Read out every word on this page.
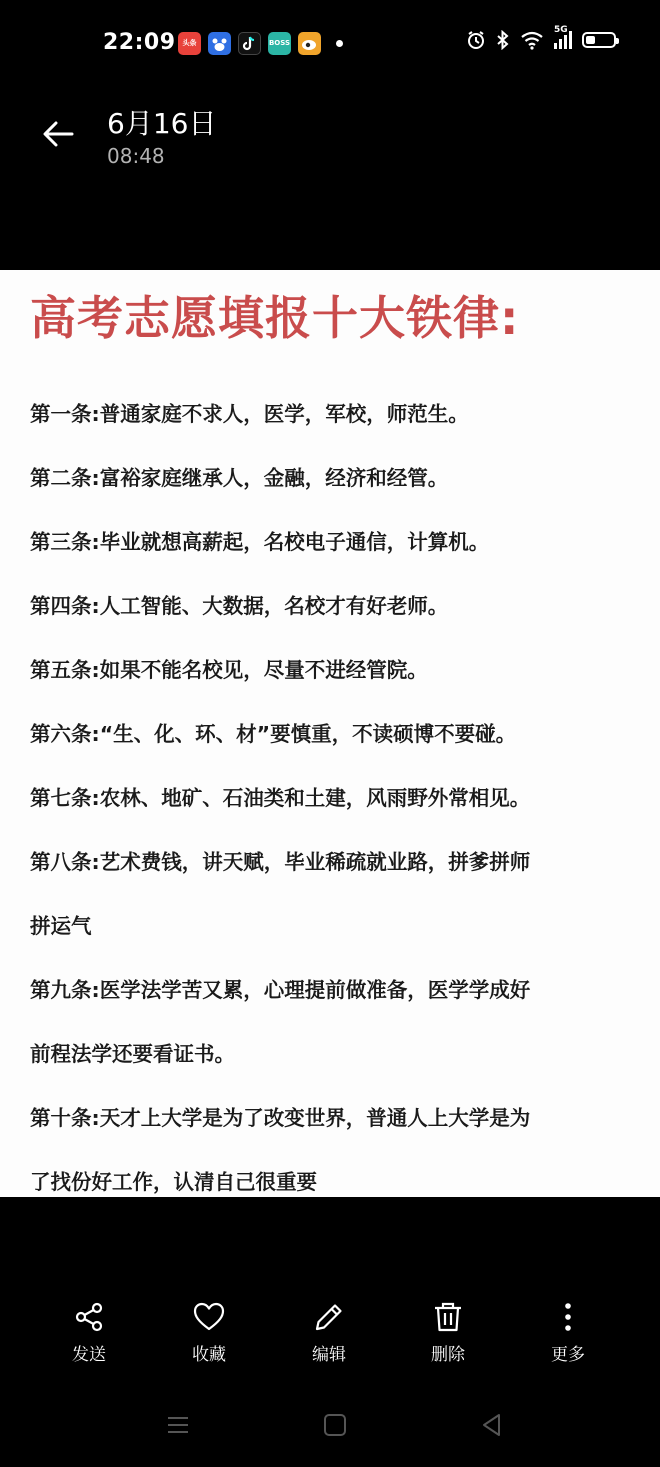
22:09 头条	BOSS
5G
6月16日
08:48
高考志愿填报十大铁律:

第一条:普通家庭不求人，医学，军校，师范生。

第二条:富裕家庭继承人，金融，经济和经管。

第三条:毕业就想高薪起，名校电子通信，计算机。

第四条:人工智能、大数据，名校才有好老师。

第五条:如果不能名校见，尽量不进经管院。

第六条:“生、化、环、材”要慎重，不读硕博不要碰。

第七条:农林、地矿、石油类和土建，风雨野外常相见。

第八条:艺术费钱，讲天赋，毕业稀疏就业路，拼爹拼师

拼运气

第九条:医学法学苦又累，心理提前做准备，医学学成好

前程法学还要看证书。

第十条:天才上大学是为了改变世界，普通人上大学是为

了找份好工作，认清自己很重要

发送	收藏	编辑	删除	更多
